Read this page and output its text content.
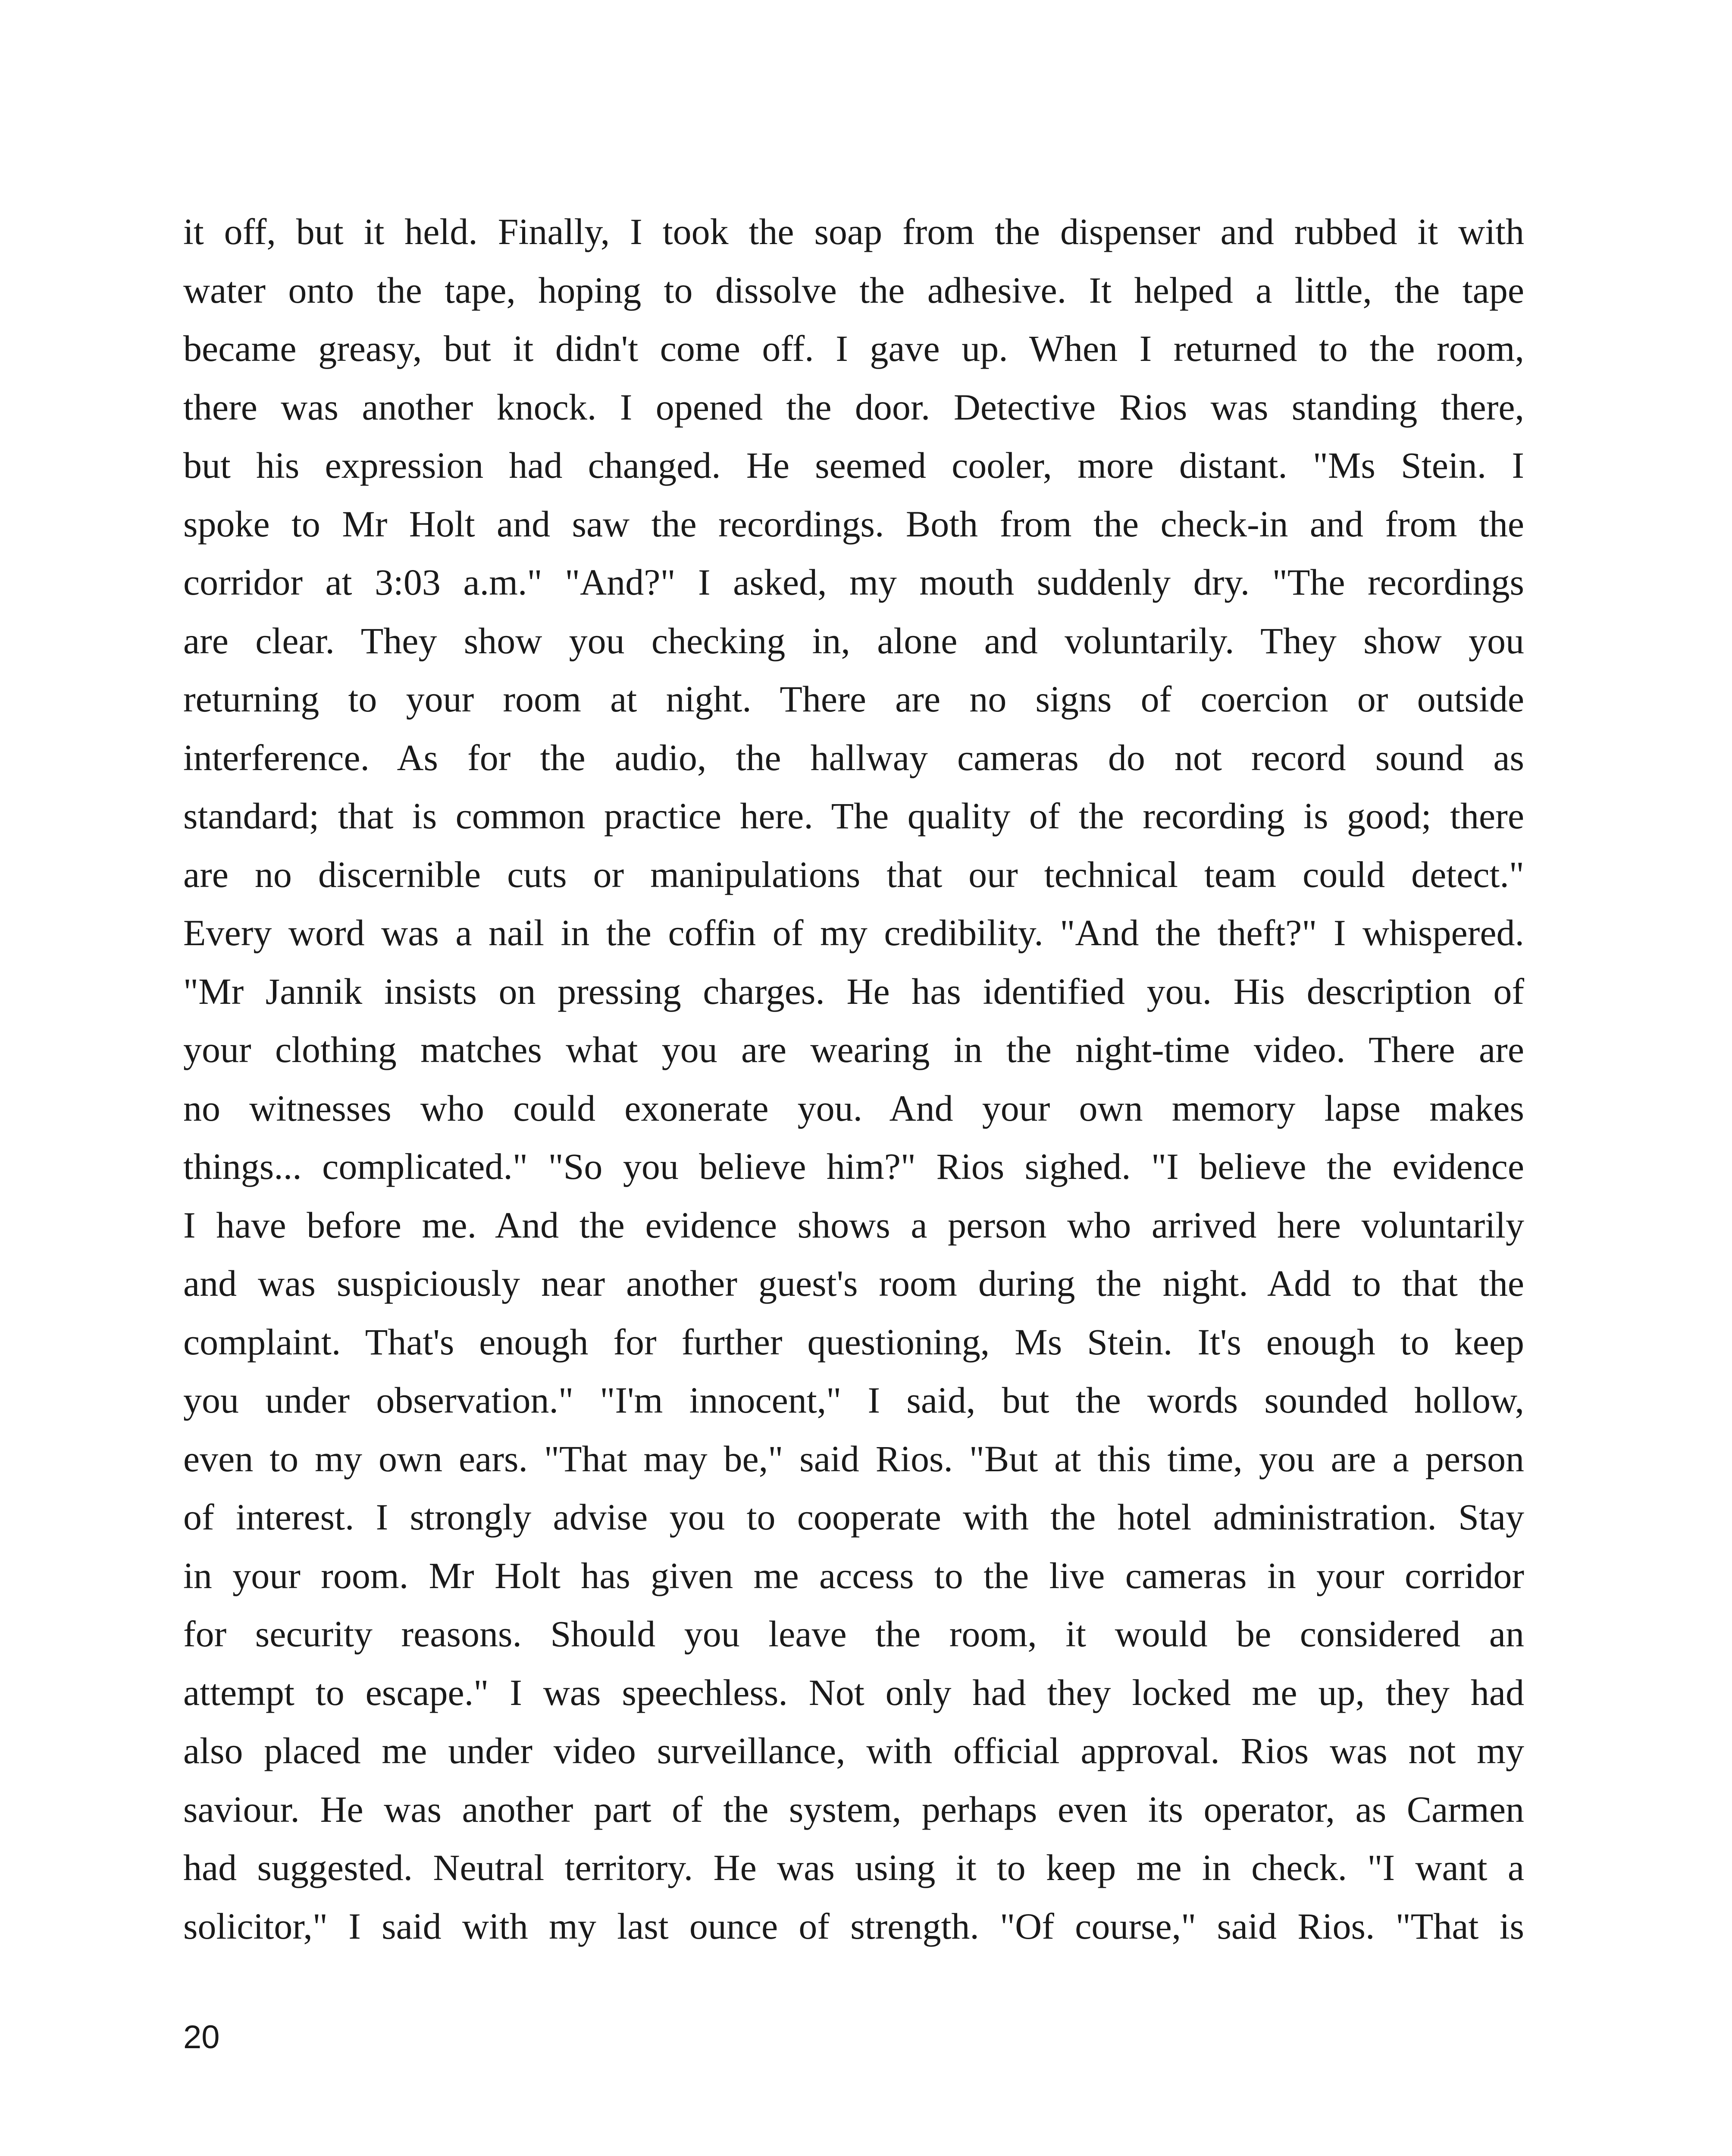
it off, but it held. Finally, I took the soap from the dispenser and rubbed it with
water onto the tape, hoping to dissolve the adhesive. It helped a little, the tape
became greasy, but it didn't come off. I gave up. When I returned to the room,
there was another knock. I opened the door. Detective Rios was standing there,
but his expression had changed. He seemed cooler, more distant. "Ms Stein. I
spoke to Mr Holt and saw the recordings. Both from the check-in and from the
corridor at 3:03 a.m." "And?" I asked, my mouth suddenly dry. "The recordings
are clear. They show you checking in, alone and voluntarily. They show you
returning to your room at night. There are no signs of coercion or outside
interference. As for the audio, the hallway cameras do not record sound as
standard; that is common practice here. The quality of the recording is good; there
are no discernible cuts or manipulations that our technical team could detect."
Every word was a nail in the coffin of my credibility. "And the theft?" I whispered.
"Mr Jannik insists on pressing charges. He has identified you. His description of
your clothing matches what you are wearing in the night-time video. There are
no witnesses who could exonerate you. And your own memory lapse makes
things... complicated." "So you believe him?" Rios sighed. "I believe the evidence
I have before me. And the evidence shows a person who arrived here voluntarily
and was suspiciously near another guest's room during the night. Add to that the
complaint. That's enough for further questioning, Ms Stein. It's enough to keep
you under observation." "I'm innocent," I said, but the words sounded hollow,
even to my own ears. "That may be," said Rios. "But at this time, you are a person
of interest. I strongly advise you to cooperate with the hotel administration. Stay
in your room. Mr Holt has given me access to the live cameras in your corridor
for security reasons. Should you leave the room, it would be considered an
attempt to escape." I was speechless. Not only had they locked me up, they had
also placed me under video surveillance, with official approval. Rios was not my
saviour. He was another part of the system, perhaps even its operator, as Carmen
had suggested. Neutral territory. He was using it to keep me in check. "I want a
solicitor," I said with my last ounce of strength. "Of course," said Rios. "That is
20
